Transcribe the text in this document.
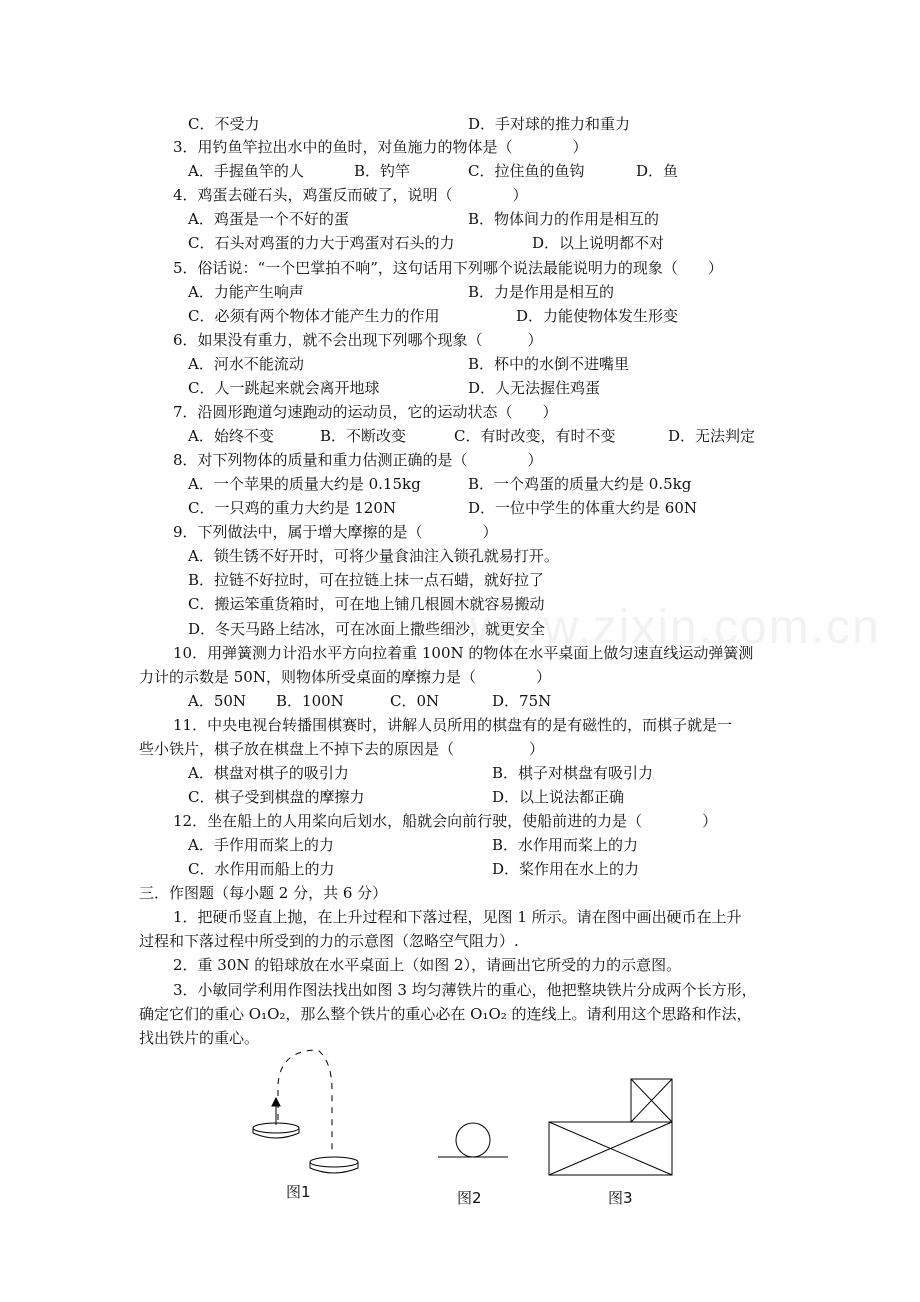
www.zixin.com.cn
C．不受力	D．手对球的推力和重力
3．用钓鱼竿拉出水中的鱼时，对鱼施力的物体是（　　　　）
A．手握鱼竿的人	B．钓竿	C．拉住鱼的鱼钩	D．鱼
4．鸡蛋去碰石头，鸡蛋反而破了，说明（　　　　）
A．鸡蛋是一个不好的蛋	B．物体间力的作用是相互的
C．石头对鸡蛋的力大于鸡蛋对石头的力	D．以上说明都不对
5．俗话说：“一个巴掌拍不响”，这句话用下列哪个说法最能说明力的现象（　　）
A．力能产生响声	B．力是作用是相互的
C．必须有两个物体才能产生力的作用	D．力能使物体发生形变
6．如果没有重力，就不会出现下列哪个现象（　　　）
A．河水不能流动	B．杯中的水倒不进嘴里
C．人一跳起来就会离开地球	D．人无法握住鸡蛋
7．沿圆形跑道匀速跑动的运动员，它的运动状态（　　）
A．始终不变	B．不断改变	C．有时改变，有时不变	D．无法判定
8．对下列物体的质量和重力估测正确的是（　　　　）
A．一个苹果的质量大约是 0.15kg	B．一个鸡蛋的质量大约是 0.5kg
C．一只鸡的重力大约是 120N	D．一位中学生的体重大约是 60N
9．下列做法中，属于增大摩擦的是（　　　　）
A．锁生锈不好开时，可将少量食油注入锁孔就易打开。
B．拉链不好拉时，可在拉链上抹一点石蜡，就好拉了
C．搬运笨重货箱时，可在地上铺几根圆木就容易搬动
D．冬天马路上结冰，可在冰面上撒些细沙，就更安全
10．用弹簧测力计沿水平方向拉着重 100N 的物体在水平桌面上做匀速直线运动弹簧测
力计的示数是 50N，则物体所受桌面的摩擦力是（　　　　）
A．50N B．100N	C．0N	D．75N
11．中央电视台转播围棋赛时，讲解人员所用的棋盘有的是有磁性的，而棋子就是一
些小铁片，棋子放在棋盘上不掉下去的原因是（　　　　　）
A．棋盘对棋子的吸引力	B．棋子对棋盘有吸引力
C．棋子受到棋盘的摩擦力	D．以上说法都正确
12．坐在船上的人用桨向后划水，船就会向前行驶，使船前进的力是（　　　　）
A．手作用而桨上的力	B．水作用而桨上的力
C．水作用而船上的力	D．桨作用在水上的力
三．作图题（每小题 2 分，共 6 分）
1．把硬币竖直上抛，在上升过程和下落过程，见图 1 所示。请在图中画出硬币在上升
过程和下落过程中所受到的力的示意图（忽略空气阻力）.
2．重 30N 的铅球放在水平桌面上（如图 2），请画出它所受的力的示意图。
3．小敏同学利用作图法找出如图 3 均匀薄铁片的重心，他把整块铁片分成两个长方形，
确定它们的重心 O₁O₂，那么整个铁片的重心必在 O₁O₂ 的连线上。请利用这个思路和作法，
找出铁片的重心。
图1	图2	图3
